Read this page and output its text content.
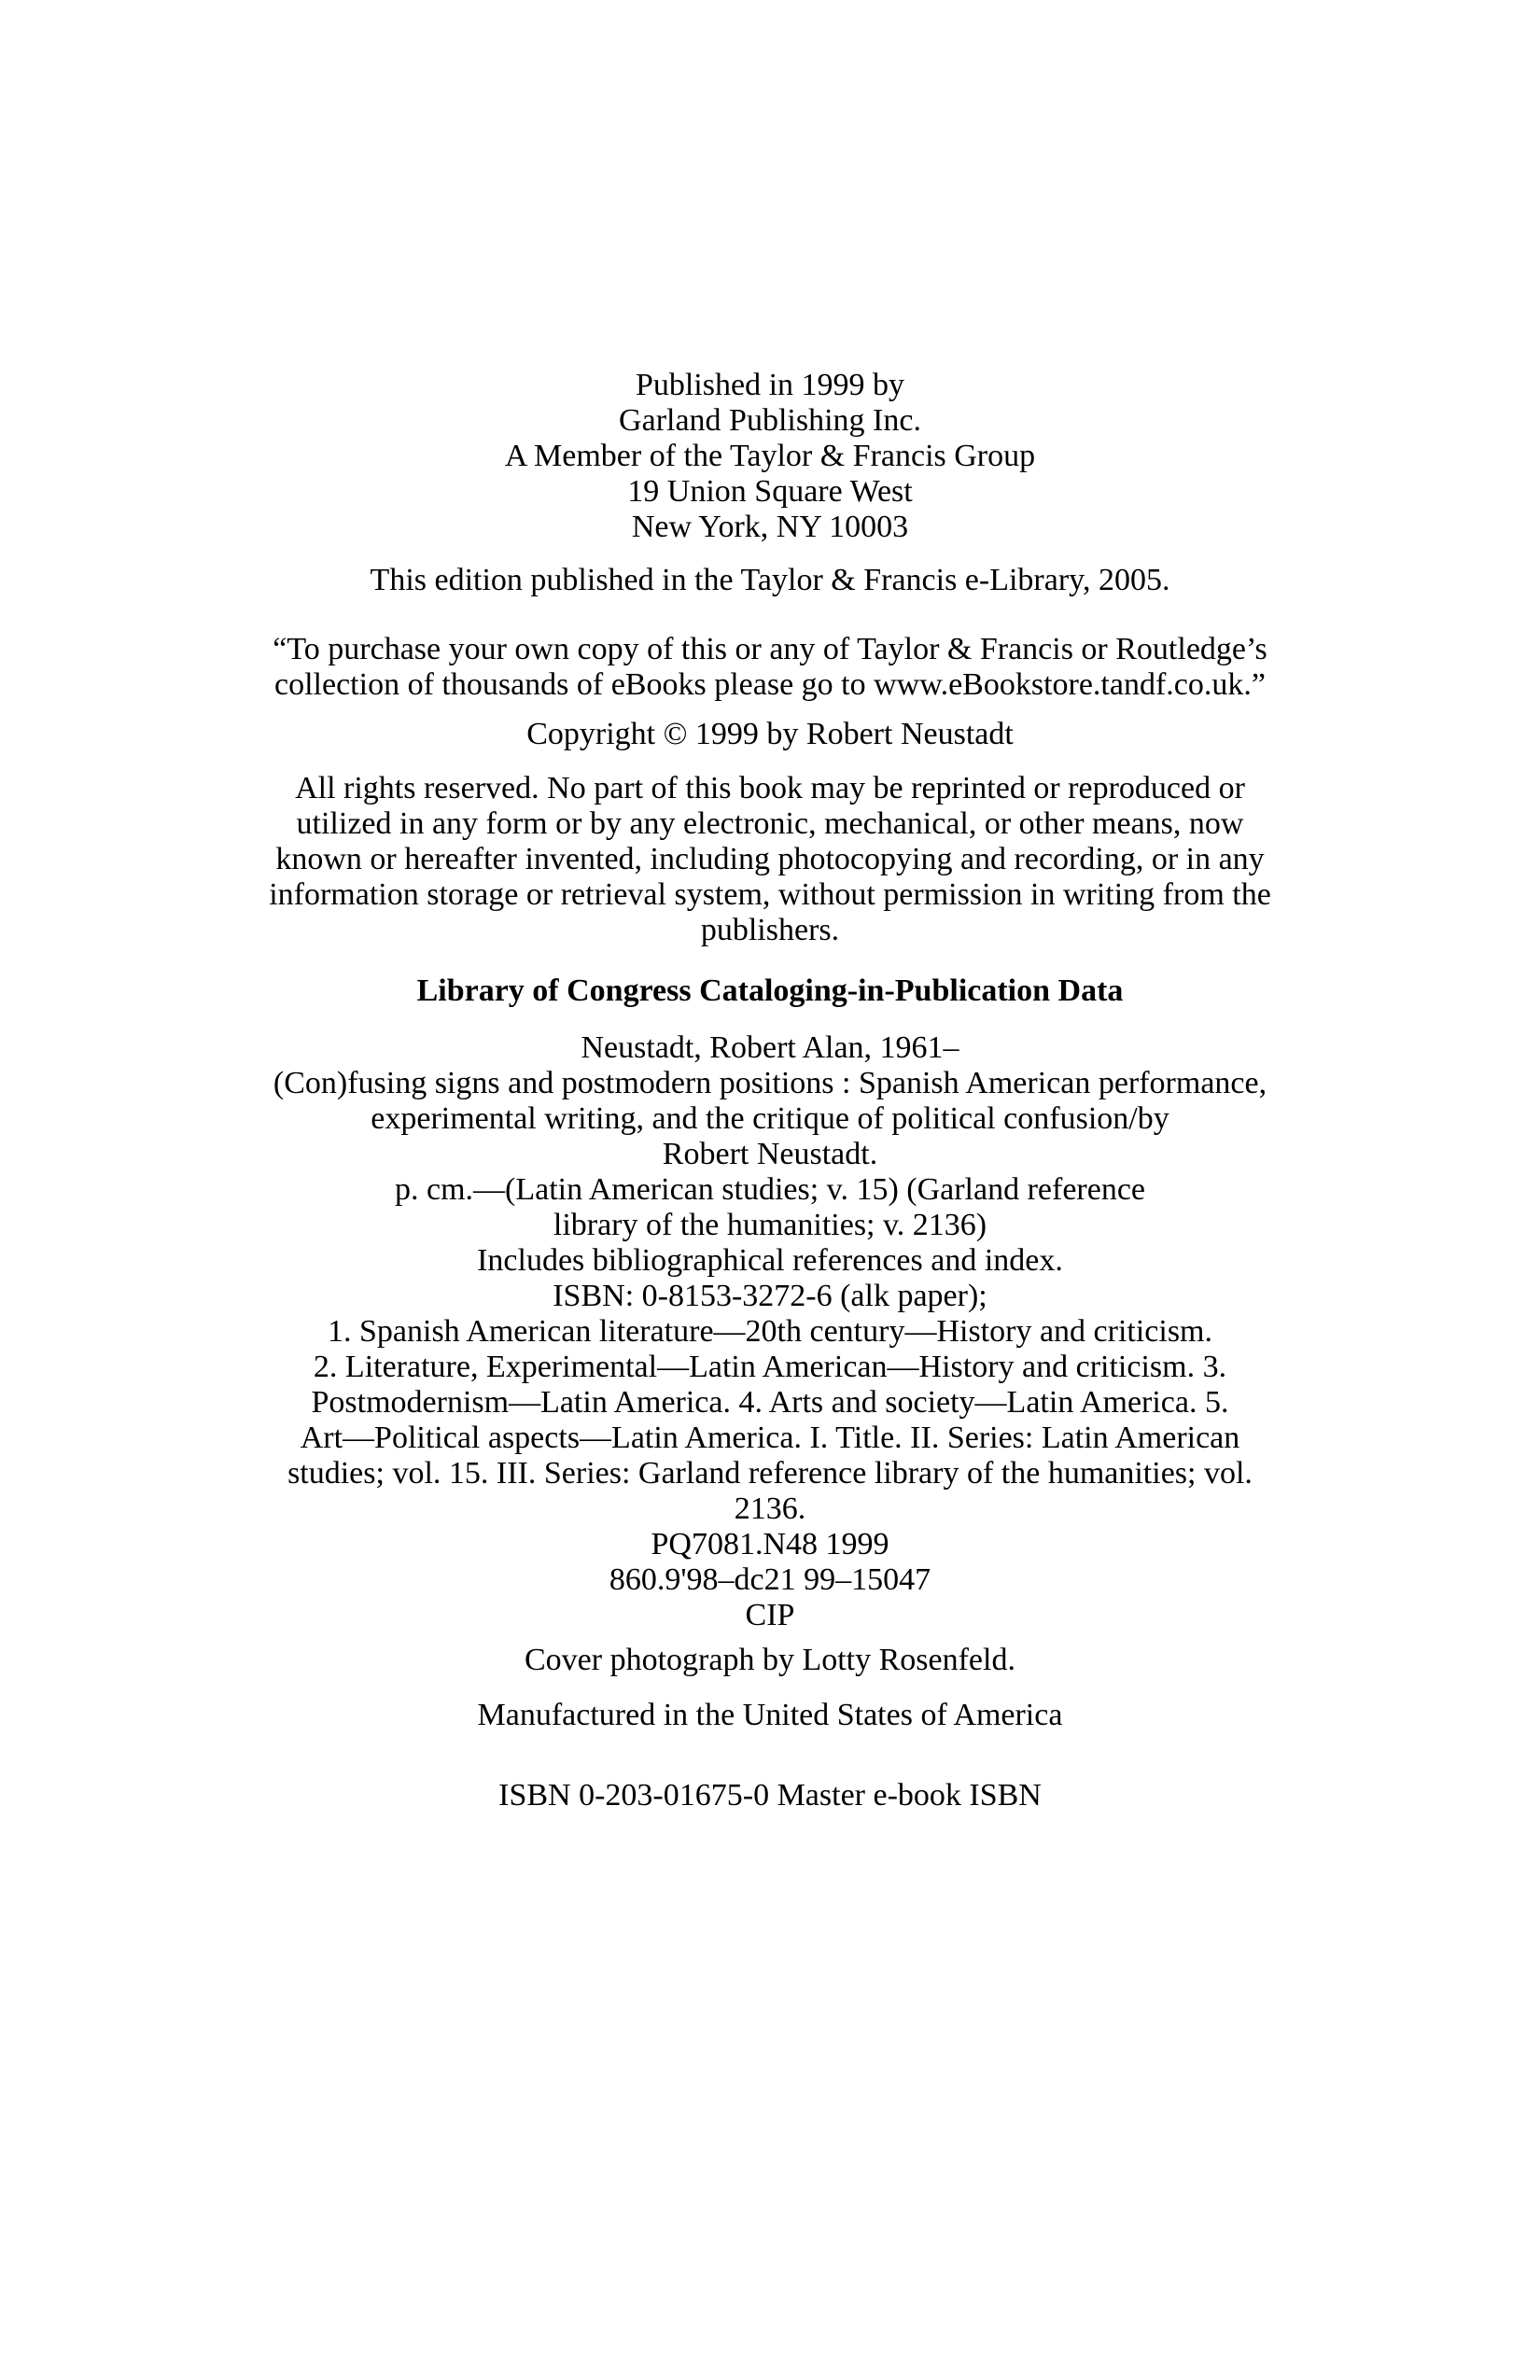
Published in 1999 by
Garland Publishing Inc.
A Member of the Taylor & Francis Group
19 Union Square West
New York, NY 10003
This edition published in the Taylor & Francis e-Library, 2005.
“To purchase your own copy of this or any of Taylor & Francis or Routledge’s
collection of thousands of eBooks please go to www.eBookstore.tandf.co.uk.”
Copyright © 1999 by Robert Neustadt
All rights reserved. No part of this book may be reprinted or reproduced or
utilized in any form or by any electronic, mechanical, or other means, now
known or hereafter invented, including photocopying and recording, or in any
information storage or retrieval system, without permission in writing from the
publishers.
Library of Congress Cataloging-in-Publication Data
Neustadt, Robert Alan, 1961–
(Con)fusing signs and postmodern positions : Spanish American performance,
experimental writing, and the critique of political confusion/by
Robert Neustadt.
p. cm.—(Latin American studies; v. 15) (Garland reference
library of the humanities; v. 2136)
Includes bibliographical references and index.
ISBN: 0-8153-3272-6 (alk paper);
1. Spanish American literature—20th century—History and criticism.
2. Literature, Experimental—Latin American—History and criticism. 3.
Postmodernism—Latin America. 4. Arts and society—Latin America. 5.
Art—Political aspects—Latin America. I. Title. II. Series: Latin American
studies; vol. 15. III. Series: Garland reference library of the humanities; vol.
2136.
PQ7081.N48 1999
860.9'98–dc21 99–15047
CIP
Cover photograph by Lotty Rosenfeld.
Manufactured in the United States of America
ISBN 0-203-01675-0 Master e-book ISBN
